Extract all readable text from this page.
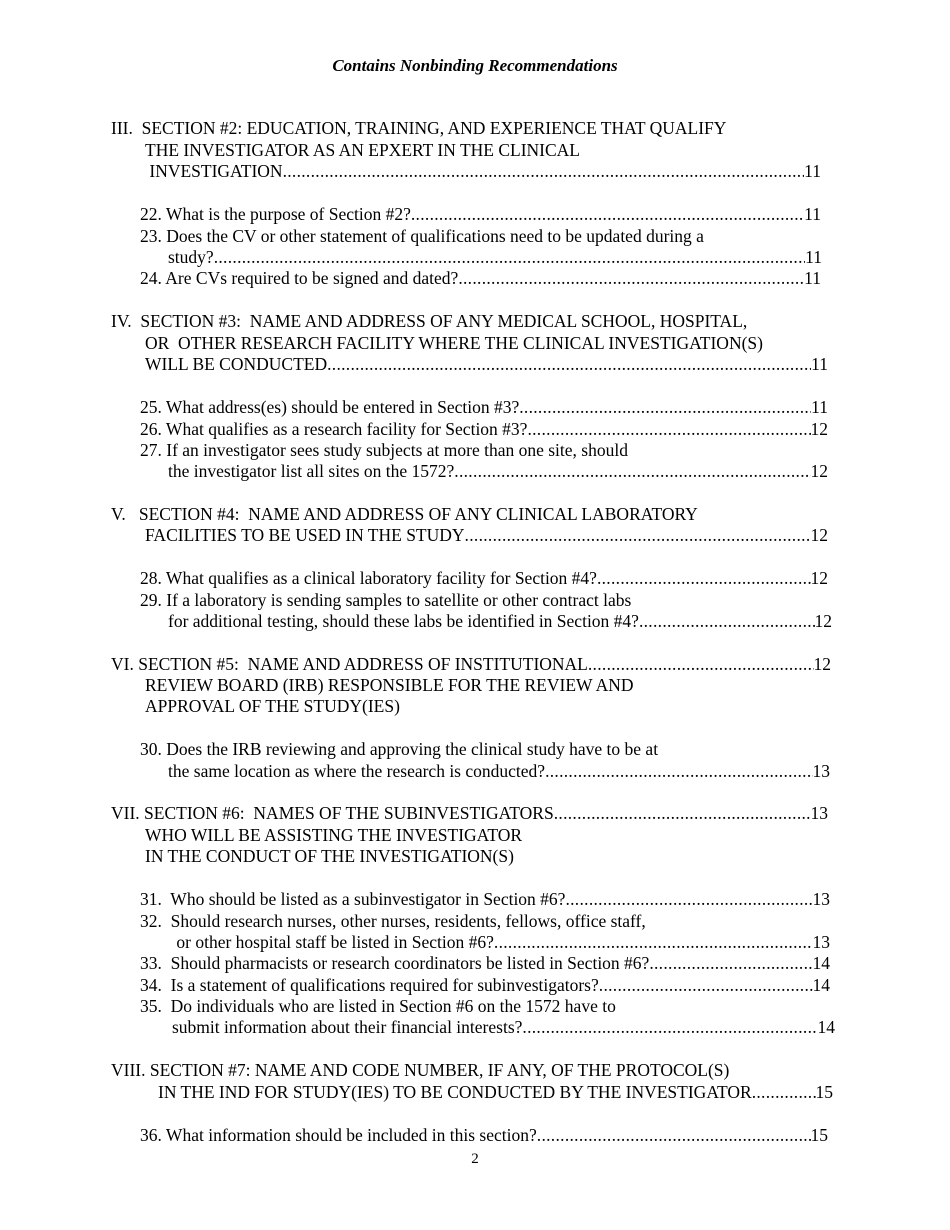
Contains Nonbinding Recommendations
III.  SECTION #2: EDUCATION, TRAINING, AND EXPERIENCE THAT QUALIFY
THE INVESTIGATOR AS AN EPXERT IN THE CLINICAL
INVESTIGATION .....	11
22. What is the purpose of Section #2? .....	11
23. Does the CV or other statement of qualifications need to be updated during a
study? .....	11
24. Are CVs required to be signed and dated? .....	11
IV.  SECTION #3:  NAME AND ADDRESS OF ANY MEDICAL SCHOOL, HOSPITAL,
OR  OTHER RESEARCH FACILITY WHERE THE CLINICAL INVESTIGATION(S)
WILL BE CONDUCTED .....	11
25. What address(es) should be entered in Section #3? .....	11
26. What qualifies as a research facility for Section #3? .....	12
27. If an investigator sees study subjects at more than one site, should
the investigator list all sites on the 1572? .....	12
V.   SECTION #4:  NAME AND ADDRESS OF ANY CLINICAL LABORATORY
FACILITIES TO BE USED IN THE STUDY .....	12
28. What qualifies as a clinical laboratory facility for Section #4? .....	12
29. If a laboratory is sending samples to satellite or other contract labs
for additional testing, should these labs be identified in Section #4? .....	12
VI. SECTION #5:  NAME AND ADDRESS OF INSTITUTIONAL .....	12
REVIEW BOARD (IRB) RESPONSIBLE FOR THE REVIEW AND
APPROVAL OF THE STUDY(IES)
30. Does the IRB reviewing and approving the clinical study have to be at
the same location as where the research is conducted? .....	13
VII. SECTION #6:  NAMES OF THE SUBINVESTIGATORS .....	13
WHO WILL BE ASSISTING THE INVESTIGATOR
IN THE CONDUCT OF THE INVESTIGATION(S)
31.  Who should be listed as a subinvestigator in Section #6? .....	13
32.  Should research nurses, other nurses, residents, fellows, office staff,
or other hospital staff be listed in Section #6? .....	13
33.  Should pharmacists or research coordinators be listed in Section #6? .....	14
34.  Is a statement of qualifications required for subinvestigators? .....	14
35.  Do individuals who are listed in Section #6 on the 1572 have to
submit information about their financial interests? .....	14
VIII. SECTION #7: NAME AND CODE NUMBER, IF ANY, OF THE PROTOCOL(S)
IN THE IND FOR STUDY(IES) TO BE CONDUCTED BY THE INVESTIGATOR .....	15
36. What information should be included in this section? .....	15
2
